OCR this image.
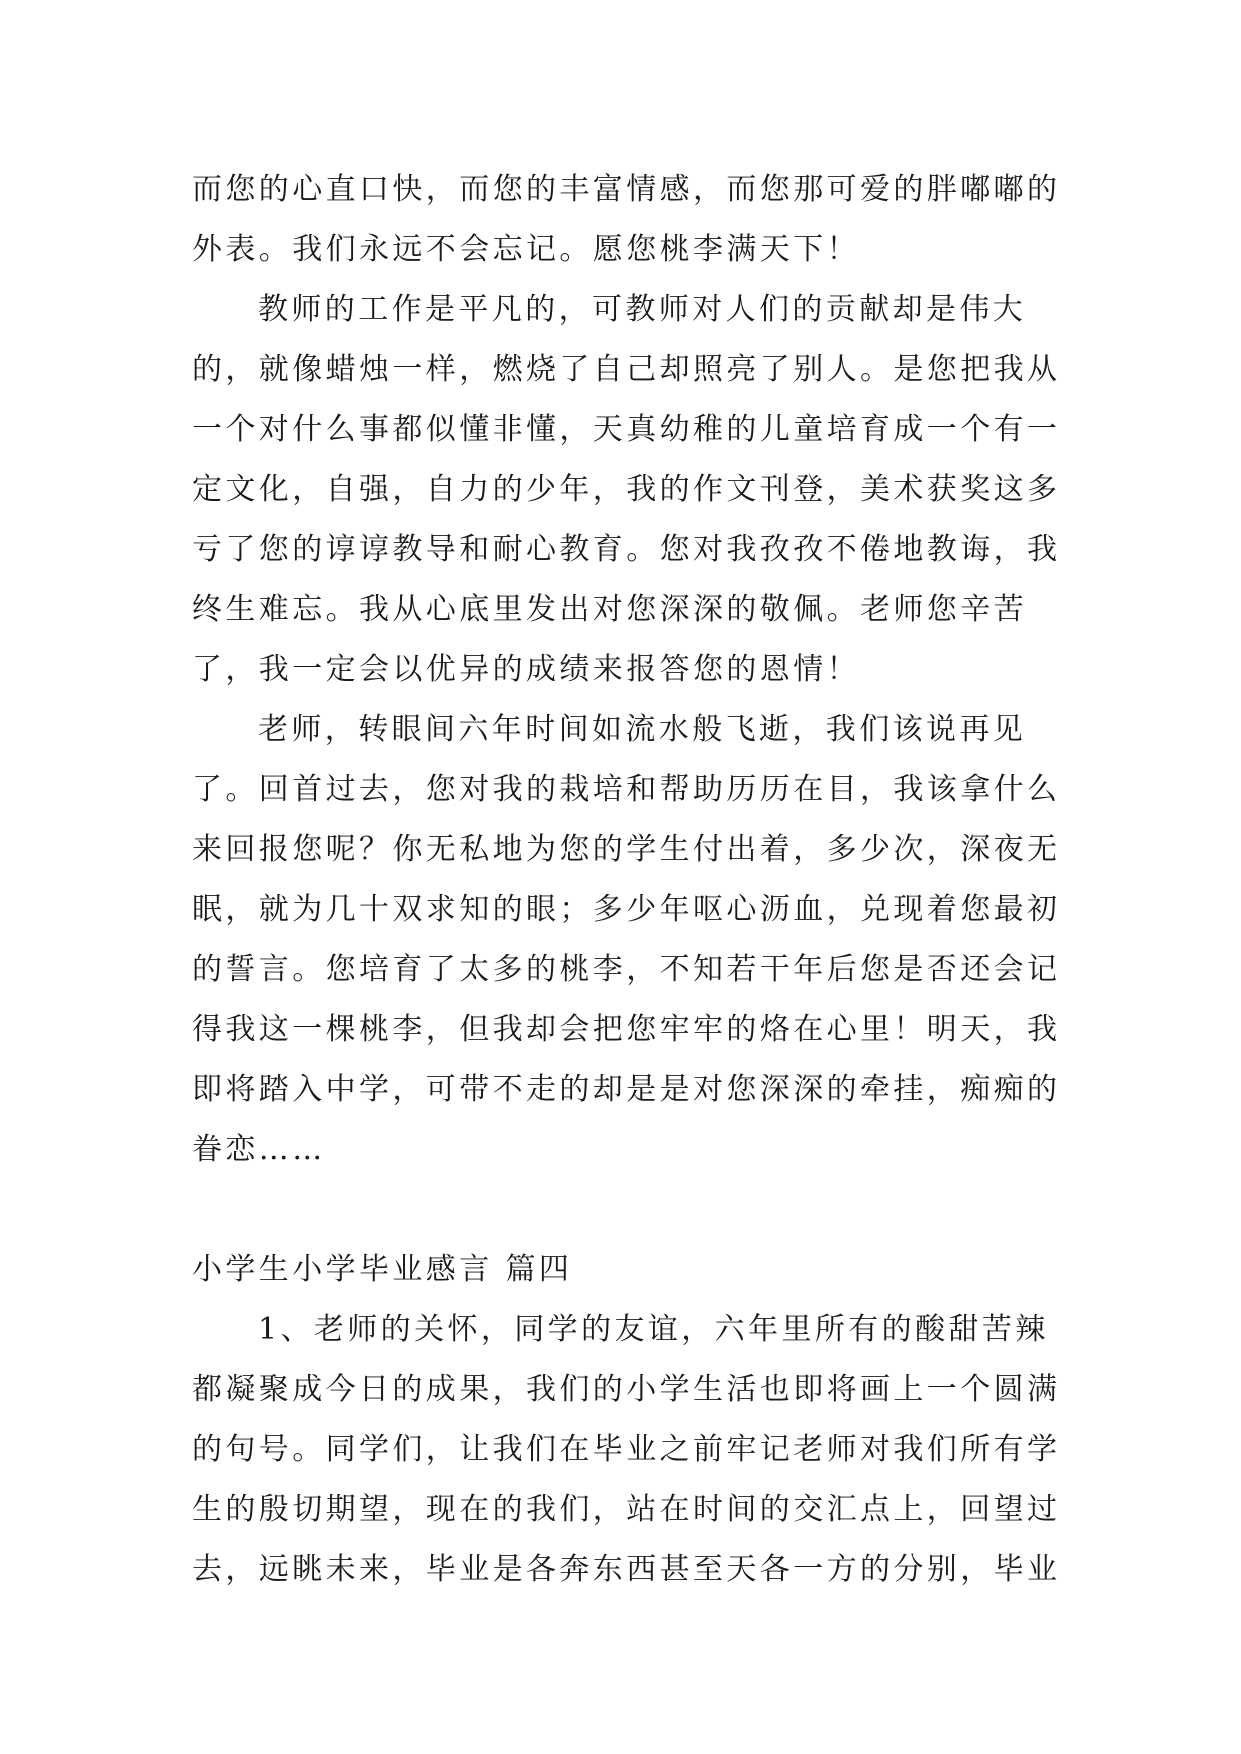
而您的心直口快，而您的丰富情感，而您那可爱的胖嘟嘟的外表。我们永远不会忘记。愿您桃李满天下！

教师的工作是平凡的，可教师对人们的贡献却是伟大的，就像蜡烛一样，燃烧了自己却照亮了别人。是您把我从一个对什么事都似懂非懂，天真幼稚的儿童培育成一个有一定文化，自强，自力的少年，我的作文刊登，美术获奖这多亏了您的谆谆教导和耐心教育。您对我孜孜不倦地教诲，我终生难忘。我从心底里发出对您深深的敬佩。老师您辛苦了，我一定会以优异的成绩来报答您的恩情！

老师，转眼间六年时间如流水般飞逝，我们该说再见了。回首过去，您对我的栽培和帮助历历在目，我该拿什么来回报您呢？你无私地为您的学生付出着，多少次，深夜无眠，就为几十双求知的眼；多少年呕心沥血，兑现着您最初的誓言。您培育了太多的桃李，不知若干年后您是否还会记得我这一棵桃李，但我却会把您牢牢的烙在心里！明天，我即将踏入中学，可带不走的却是是对您深深的牵挂，痴痴的眷恋……

小学生小学毕业感言 篇四

1、老师的关怀，同学的友谊，六年里所有的酸甜苦辣都凝聚成今日的成果，我们的小学生活也即将画上一个圆满的句号。同学们，让我们在毕业之前牢记老师对我们所有学生的殷切期望，现在的我们，站在时间的交汇点上，回望过去，远眺未来，毕业是各奔东西甚至天各一方的分别，毕业
